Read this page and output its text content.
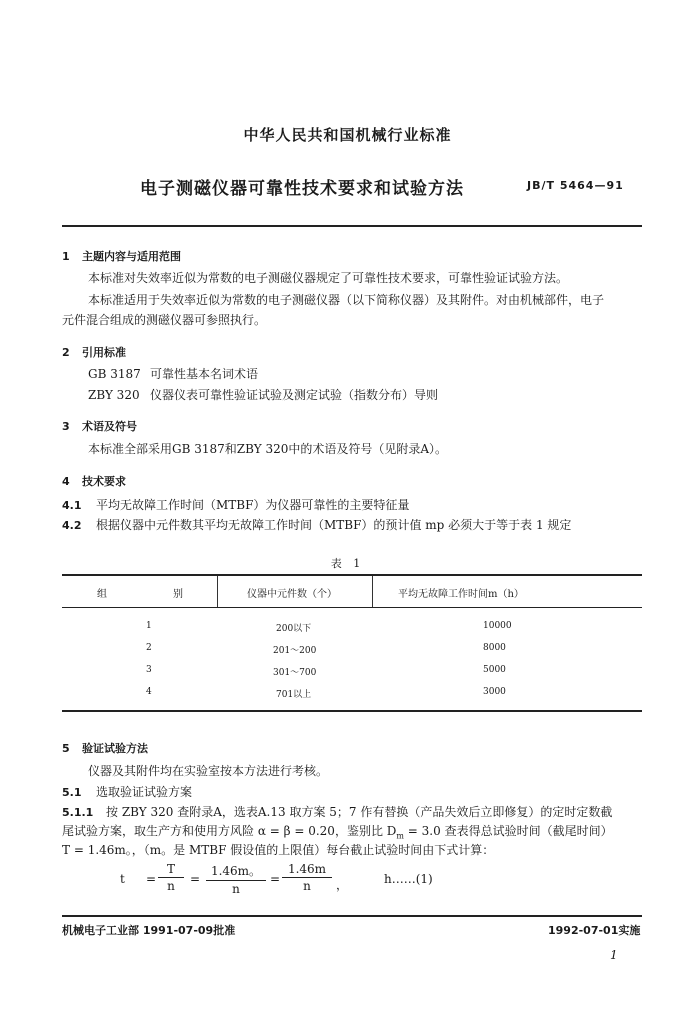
中华人民共和国机械行业标准
电子测磁仪器可靠性技术要求和试验方法	JB/T 5464—91
1 主题内容与适用范围
本标准对失效率近似为常数的电子测磁仪器规定了可靠性技术要求，可靠性验证试验方法。
本标准适用于失效率近似为常数的电子测磁仪器（以下简称仪器）及其附件。对由机械部件，电子
元件混合组成的测磁仪器可参照执行。
2 引用标准
GB 3187 可靠性基本名词术语
ZBY 320 仪器仪表可靠性验证试验及测定试验（指数分布）导则
3 术语及符号
本标准全部采用GB 3187和ZBY 320中的术语及符号（见附录A）。
4 技术要求
4.1 平均无故障工作时间（MTBF）为仪器可靠性的主要特征量
4.2 根据仪器中元件数其平均无故障工作时间（MTBF）的预计值 mp 必须大于等于表 1 规定
表 1
组	别	仪器中元件数（个）	平均无故障工作时间m（h）
1	200以下	10000
2	201～200	8000
3	301～700	5000
4	701以上	3000
5 验证试验方法
仪器及其附件均在实验室按本方法进行考核。
5.1 选取验证试验方案
5.1.1 按 ZBY 320 查附录A，选表A.13 取方案 5；7 作有替换（产品失效后立即修复）的定时定数截
尾试验方案，取生产方和使用方风险 α = β = 0.20，鉴别比 $D_m = 3.0$ 查表得总试验时间（截尾时间）
T = 1.46m。，（m。是 MTBF 假设值的上限值）每台截止试验时间由下式计算：
t =
T
n	=
1.46m。
n
=
1.46m
n	，	h……(1)
机械电子工业部 1991-07-09批准	1992-07-01实施
1
